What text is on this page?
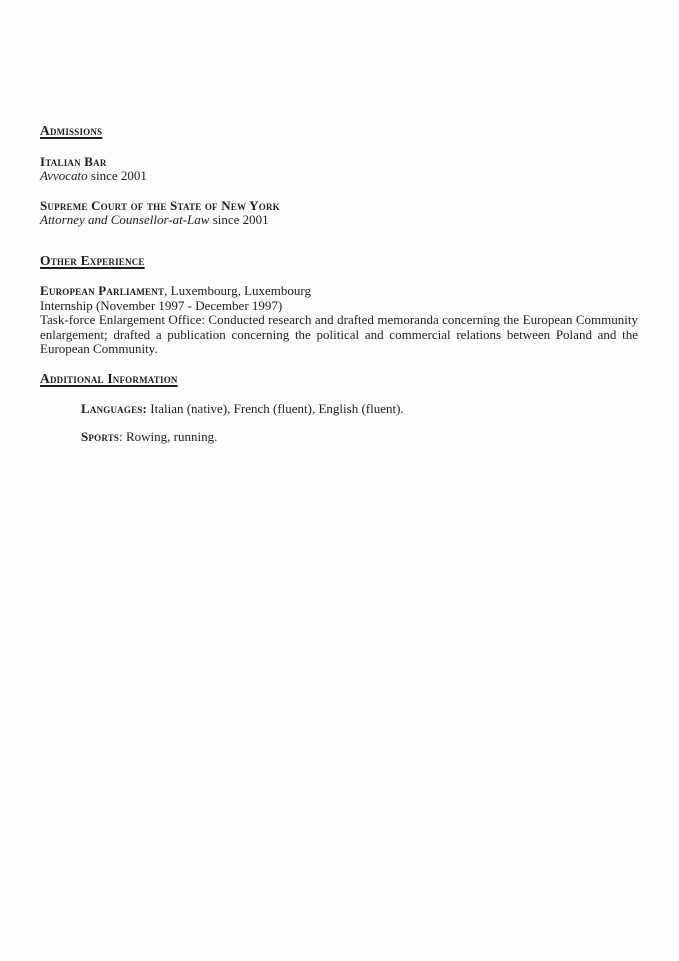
Admissions
Italian Bar
Avvocato since 2001
Supreme Court of the State of New York
Attorney and Counsellor-at-Law since 2001
Other Experience
European Parliament, Luxembourg, Luxembourg
Internship (November 1997 - December 1997)
Task-force Enlargement Office: Conducted research and drafted memoranda concerning the European Community enlargement; drafted a publication concerning the political and commercial relations between Poland and the European Community.
Additional Information
Languages: Italian (native), French (fluent), English (fluent).
Sports: Rowing, running.
